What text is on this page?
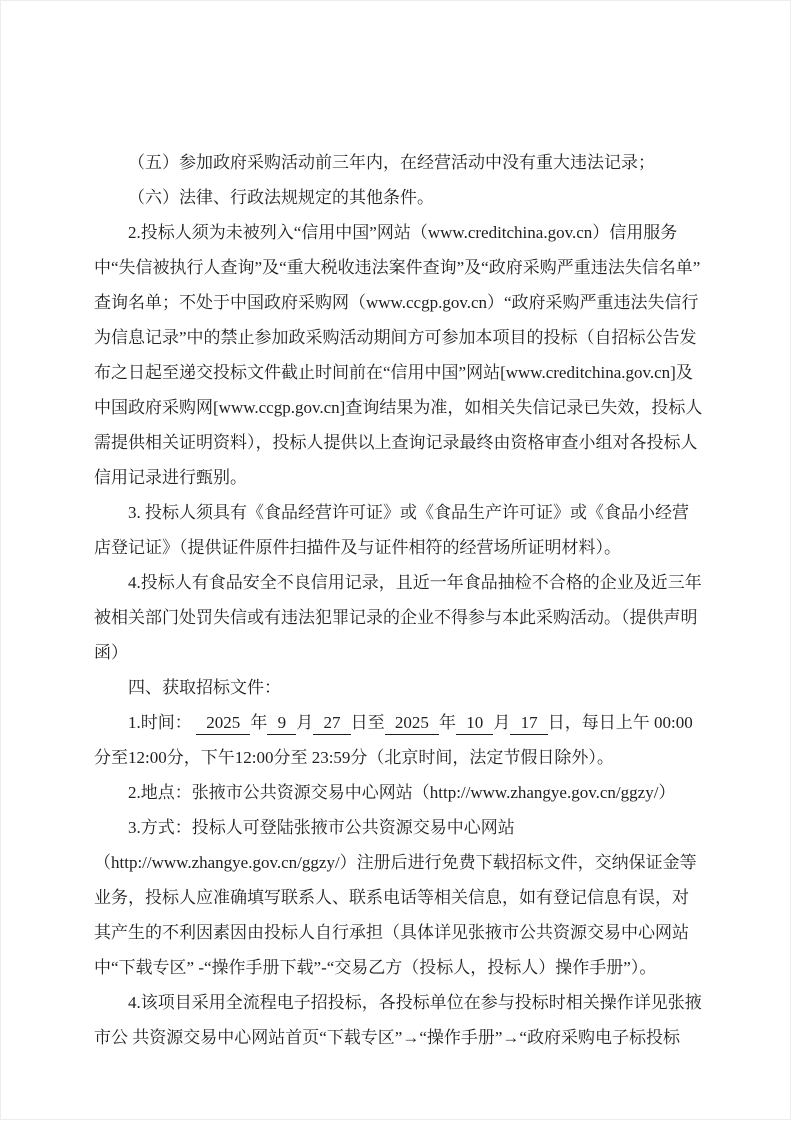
（五）参加政府采购活动前三年内，在经营活动中没有重大违法记录；

（六）法律、行政法规规定的其他条件。

2.投标人须为未被列入“信用中国”网站（www.creditchina.gov.cn）信用服务中“失信被执行人查询”及“重大税收违法案件查询”及“政府采购严重违法失信名单”　查询名单；不处于中国政府采购网（www.ccgp.gov.cn）“政府采购严重违法失信行为信息记录”中的禁止参加政采购活动期间方可参加本项目的投标（自招标公告发布之日起至递交投标文件截止时间前在“信用中国”网站[www.creditchina.gov.cn]及中国政府采购网[www.ccgp.gov.cn]查询结果为准，如相关失信记录已失效，投标人需提供相关证明资料），投标人提供以上查询记录最终由资格审查小组对各投标人信用记录进行甄别。

3. 投标人须具有《食品经营许可证》或《食品生产许可证》或《食品小经营店登记证》（提供证件原件扫描件及与证件相符的经营场所证明材料）。

4.投标人有食品安全不良信用记录，且近一年食品抽检不合格的企业及近三年被相关部门处罚失信或有违法犯罪记录的企业不得参与本此采购活动。（提供声明函）

四、获取招标文件：

1.时间： 2025 年 9 月 27 日至 2025 年 10 月 17 日，每日上午 00:00 分至12:00分，下午12:00分至 23:59分（北京时间，法定节假日除外）。

2.地点：张掖市公共资源交易中心网站（http://www.zhangye.gov.cn/ggzy/）

3.方式：投标人可登陆张掖市公共资源交易中心网站（http://www.zhangye.gov.cn/ggzy/）注册后进行免费下载招标文件，交纳保证金等业务，投标人应准确填写联系人、联系电话等相关信息，如有登记信息有误，对其产生的不利因素因由投标人自行承担（具体详见张掖市公共资源交易中心网站中“下载专区” -“操作手册下载”-“交易乙方（投标人，投标人）操作手册”）。

4.该项目采用全流程电子招投标，各投标单位在参与投标时相关操作详见张掖市公 共资源交易中心网站首页“下载专区”→“操作手册”→“政府采购电子标投标
